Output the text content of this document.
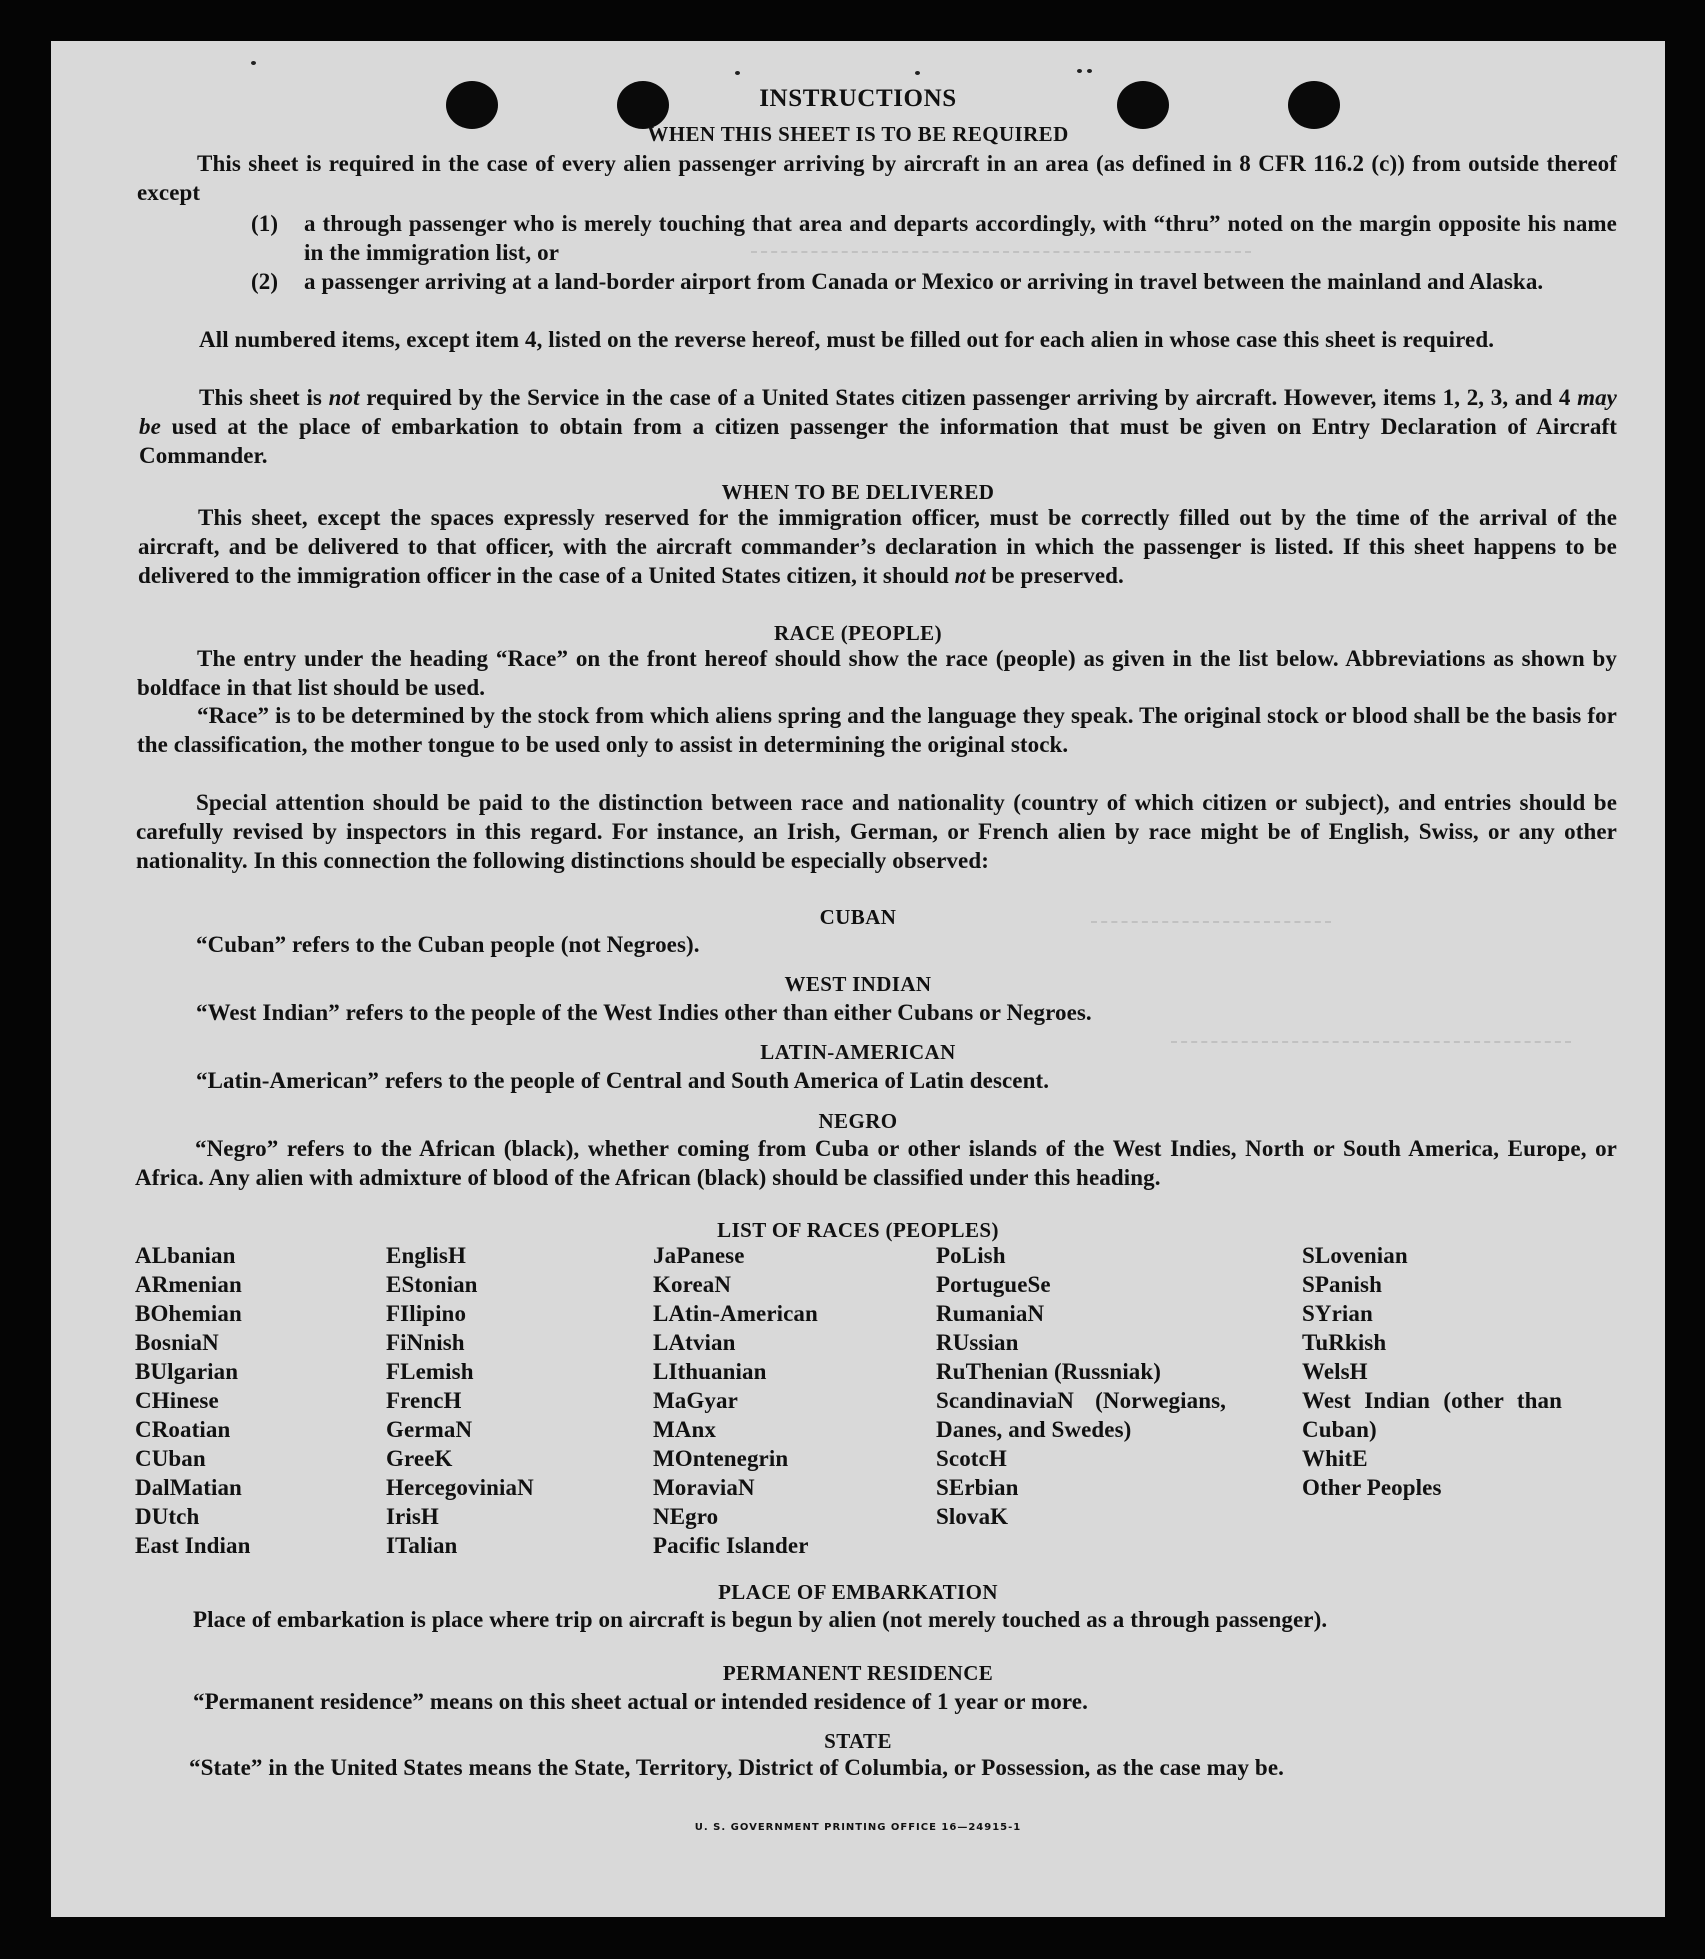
INSTRUCTIONS
WHEN THIS SHEET IS TO BE REQUIRED
This sheet is required in the case of every alien passenger arriving by aircraft in an area (as defined in 8 CFR 116.2 (c)) from outside thereof except
(1) a through passenger who is merely touching that area and departs accordingly, with “thru” noted on the margin opposite his name in the immigration list, or
(2) a passenger arriving at a land-border airport from Canada or Mexico or arriving in travel between the mainland and Alaska.
All numbered items, except item 4, listed on the reverse hereof, must be filled out for each alien in whose case this sheet is required.
This sheet is not required by the Service in the case of a United States citizen passenger arriving by aircraft. However, items 1, 2, 3, and 4 may be used at the place of embarkation to obtain from a citizen passenger the information that must be given on Entry Declaration of Aircraft Commander.
WHEN TO BE DELIVERED
This sheet, except the spaces expressly reserved for the immigration officer, must be correctly filled out by the time of the arrival of the aircraft, and be delivered to that officer, with the aircraft commander’s declaration in which the passenger is listed. If this sheet happens to be delivered to the immigration officer in the case of a United States citizen, it should not be preserved.
RACE (PEOPLE)
The entry under the heading “Race” on the front hereof should show the race (people) as given in the list below. Abbreviations as shown by boldface in that list should be used.
“Race” is to be determined by the stock from which aliens spring and the language they speak. The original stock or blood shall be the basis for the classification, the mother tongue to be used only to assist in determining the original stock.
Special attention should be paid to the distinction between race and nationality (country of which citizen or subject), and entries should be carefully revised by inspectors in this regard. For instance, an Irish, German, or French alien by race might be of English, Swiss, or any other nationality. In this connection the following distinctions should be especially observed:
CUBAN
“Cuban” refers to the Cuban people (not Negroes).
WEST INDIAN
“West Indian” refers to the people of the West Indies other than either Cubans or Negroes.
LATIN-AMERICAN
“Latin-American” refers to the people of Central and South America of Latin descent.
NEGRO
“Negro” refers to the African (black), whether coming from Cuba or other islands of the West Indies, North or South America, Europe, or Africa. Any alien with admixture of blood of the African (black) should be classified under this heading.
LIST OF RACES (PEOPLES)
ALbanian
ARmenian
BOhemian
BosniaN
BUlgarian
CHinese
CRoatian
CUban
DalMatian
DUtch
East Indian
EnglisH
EStonian
FIlipino
FiNnish
FLemish
FrencH
GermaN
GreeK
HercegoviniaN
IrisH
ITalian
JaPanese
KoreaN
LAtin-American
LAtvian
LIthuanian
MaGyar
MAnx
MOntenegrin
MoraviaN
NEgro
Pacific Islander
PoLish
PortugueSe
RumaniaN
RUssian
RuThenian (Russniak)
ScandinaviaN (Norwegians, Danes, and Swedes)
ScotcH
SErbian
SlovaK
SLovenian
SPanish
SYrian
TuRkish
WelsH
West Indian (other than Cuban)
WhitE
Other Peoples
PLACE OF EMBARKATION
Place of embarkation is place where trip on aircraft is begun by alien (not merely touched as a through passenger).
PERMANENT RESIDENCE
“Permanent residence” means on this sheet actual or intended residence of 1 year or more.
STATE
“State” in the United States means the State, Territory, District of Columbia, or Possession, as the case may be.
U. S. GOVERNMENT PRINTING OFFICE 16—24915-1
